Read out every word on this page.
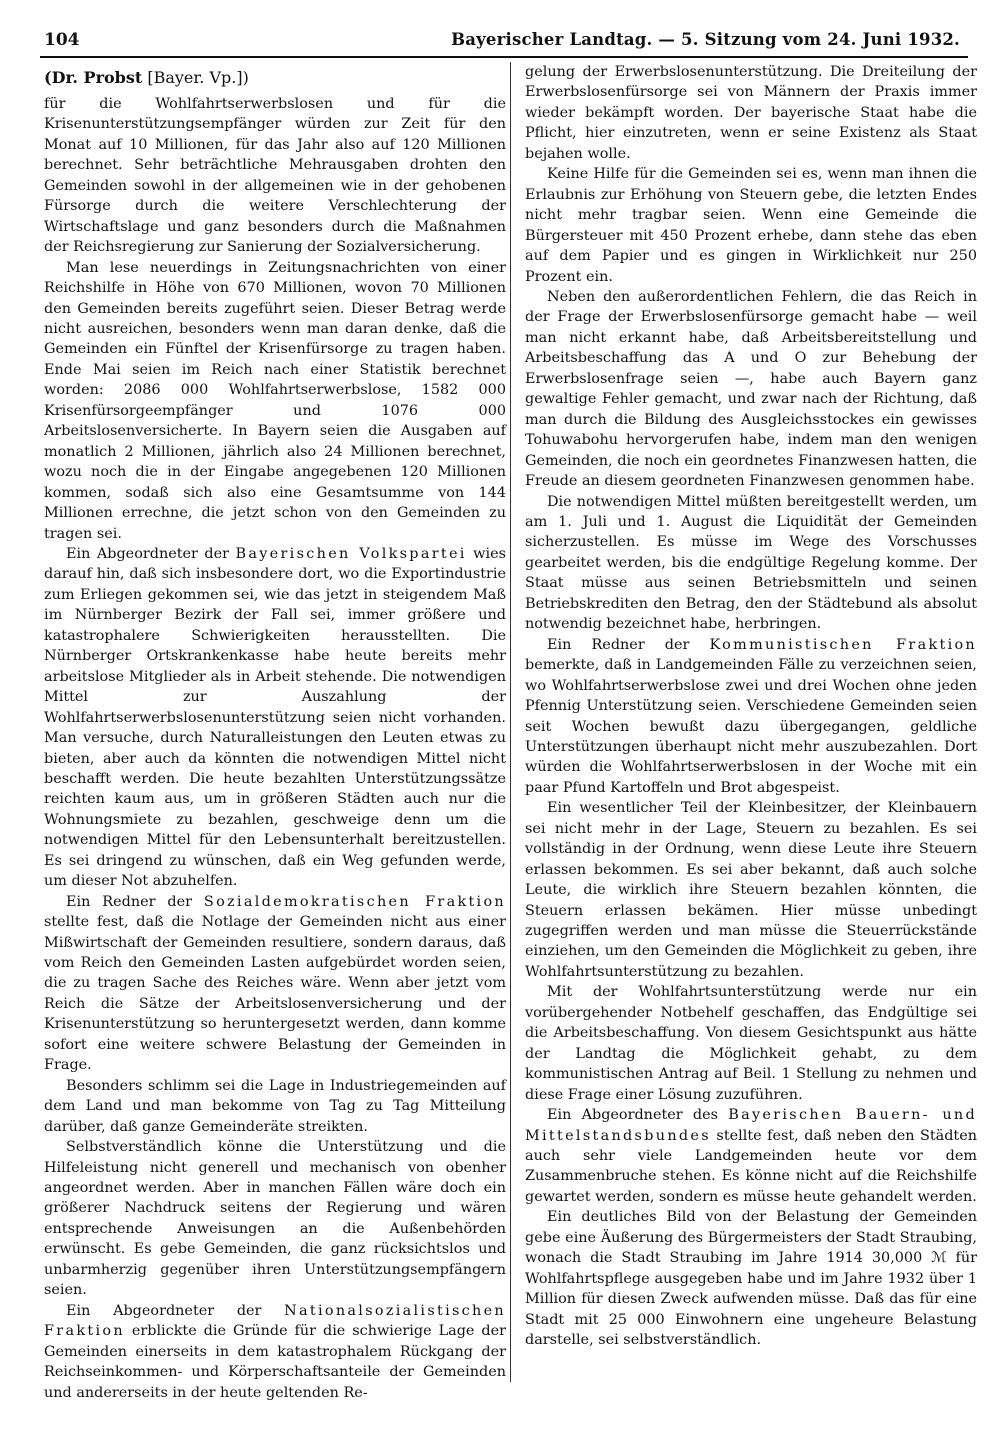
104	Bayerischer Landtag. — 5. Sitzung vom 24. Juni 1932.
(Dr. Probst [Bayer. Vp.])

für die Wohlfahrtserwerbslosen und für die Krisenunterstützungsempfänger würden zur Zeit für den Monat auf 10 Millionen, für das Jahr also auf 120 Millionen berechnet. Sehr beträchtliche Mehrausgaben drohten den Gemeinden sowohl in der allgemeinen wie in der gehobenen Fürsorge durch die weitere Verschlechterung der Wirtschaftslage und ganz besonders durch die Maßnahmen der Reichsregierung zur Sanierung der Sozialversicherung.

Man lese neuerdings in Zeitungsnachrichten von einer Reichshilfe in Höhe von 670 Millionen, wovon 70 Millionen den Gemeinden bereits zugeführt seien. Dieser Betrag werde nicht ausreichen, besonders wenn man daran denke, daß die Gemeinden ein Fünftel der Krisenfürsorge zu tragen haben. Ende Mai seien im Reich nach einer Statistik berechnet worden: 2086 000 Wohlfahrtserwerbslose, 1582 000 Krisenfürsorgeempfänger und 1076 000 Arbeitslosenversicherte. In Bayern seien die Ausgaben auf monatlich 2 Millionen, jährlich also 24 Millionen berechnet, wozu noch die in der Eingabe angegebenen 120 Millionen kommen, sodaß sich also eine Gesamtsumme von 144 Millionen errechne, die jetzt schon von den Gemeinden zu tragen sei.

Ein Abgeordneter der Bayerischen Volkspartei wies darauf hin, daß sich insbesondere dort, wo die Exportindustrie zum Erliegen gekommen sei, wie das jetzt in steigendem Maß im Nürnberger Bezirk der Fall sei, immer größere und katastrophalere Schwierigkeiten herausstellten. Die Nürnberger Ortskrankenkasse habe heute bereits mehr arbeitslose Mitglieder als in Arbeit stehende. Die notwendigen Mittel zur Auszahlung der Wohlfahrtserwerbslosenunterstützung seien nicht vorhanden. Man versuche, durch Naturalleistungen den Leuten etwas zu bieten, aber auch da könnten die notwendigen Mittel nicht beschafft werden. Die heute bezahlten Unterstützungssätze reichten kaum aus, um in größeren Städten auch nur die Wohnungsmiete zu bezahlen, geschweige denn um die notwendigen Mittel für den Lebensunterhalt bereitzustellen. Es sei dringend zu wünschen, daß ein Weg gefunden werde, um dieser Not abzuhelfen.

Ein Redner der Sozialdemokratischen Fraktion stellte fest, daß die Notlage der Gemeinden nicht aus einer Mißwirtschaft der Gemeinden resultiere, sondern daraus, daß vom Reich den Gemeinden Lasten aufgebürdet worden seien, die zu tragen Sache des Reiches wäre. Wenn aber jetzt vom Reich die Sätze der Arbeitslosenversicherung und der Krisenunterstützung so heruntergesetzt werden, dann komme sofort eine weitere schwere Belastung der Gemeinden in Frage.

Besonders schlimm sei die Lage in Industriegemeinden auf dem Land und man bekomme von Tag zu Tag Mitteilung darüber, daß ganze Gemeinderäte streikten.

Selbstverständlich könne die Unterstützung und die Hilfeleistung nicht generell und mechanisch von obenher angeordnet werden. Aber in manchen Fällen wäre doch ein größerer Nachdruck seitens der Regierung und wären entsprechende Anweisungen an die Außenbehörden erwünscht. Es gebe Gemeinden, die ganz rücksichtslos und unbarmherzig gegenüber ihren Unterstützungsempfängern seien.

Ein Abgeordneter der Nationalsozialistischen Fraktion erblickte die Gründe für die schwierige Lage der Gemeinden einerseits in dem katastrophalem Rückgang der Reichseinkommen- und Körperschaftsanteile der Gemeinden und andererseits in der heute geltenden Re-

gelung der Erwerbslosenunterstützung. Die Dreiteilung der Erwerbslosenfürsorge sei von Männern der Praxis immer wieder bekämpft worden. Der bayerische Staat habe die Pflicht, hier einzutreten, wenn er seine Existenz als Staat bejahen wolle.

Keine Hilfe für die Gemeinden sei es, wenn man ihnen die Erlaubnis zur Erhöhung von Steuern gebe, die letzten Endes nicht mehr tragbar seien. Wenn eine Gemeinde die Bürgersteuer mit 450 Prozent erhebe, dann stehe das eben auf dem Papier und es gingen in Wirklichkeit nur 250 Prozent ein.

Neben den außerordentlichen Fehlern, die das Reich in der Frage der Erwerbslosenfürsorge gemacht habe — weil man nicht erkannt habe, daß Arbeitsbereitstellung und Arbeitsbeschaffung das A und O zur Behebung der Erwerbslosenfrage seien —, habe auch Bayern ganz gewaltige Fehler gemacht, und zwar nach der Richtung, daß man durch die Bildung des Ausgleichsstockes ein gewisses Tohuwabohu hervorgerufen habe, indem man den wenigen Gemeinden, die noch ein geordnetes Finanzwesen hatten, die Freude an diesem geordneten Finanzwesen genommen habe.

Die notwendigen Mittel müßten bereitgestellt werden, um am 1. Juli und 1. August die Liquidität der Gemeinden sicherzustellen. Es müsse im Wege des Vorschusses gearbeitet werden, bis die endgültige Regelung komme. Der Staat müsse aus seinen Betriebsmitteln und seinen Betriebskrediten den Betrag, den der Städtebund als absolut notwendig bezeichnet habe, herbringen.

Ein Redner der Kommunistischen Fraktion bemerkte, daß in Landgemeinden Fälle zu verzeichnen seien, wo Wohlfahrtserwerbslose zwei und drei Wochen ohne jeden Pfennig Unterstützung seien. Verschiedene Gemeinden seien seit Wochen bewußt dazu übergegangen, geldliche Unterstützungen überhaupt nicht mehr auszubezahlen. Dort würden die Wohlfahrtserwerbslosen in der Woche mit ein paar Pfund Kartoffeln und Brot abgespeist.

Ein wesentlicher Teil der Kleinbesitzer, der Kleinbauern sei nicht mehr in der Lage, Steuern zu bezahlen. Es sei vollständig in der Ordnung, wenn diese Leute ihre Steuern erlassen bekommen. Es sei aber bekannt, daß auch solche Leute, die wirklich ihre Steuern bezahlen könnten, die Steuern erlassen bekämen. Hier müsse unbedingt zugegriffen werden und man müsse die Steuerrückstände einziehen, um den Gemeinden die Möglichkeit zu geben, ihre Wohlfahrtsunterstützung zu bezahlen.

Mit der Wohlfahrtsunterstützung werde nur ein vorübergehender Notbehelf geschaffen, das Endgültige sei die Arbeitsbeschaffung. Von diesem Gesichtspunkt aus hätte der Landtag die Möglichkeit gehabt, zu dem kommunistischen Antrag auf Beil. 1 Stellung zu nehmen und diese Frage einer Lösung zuzuführen.

Ein Abgeordneter des Bayerischen Bauern- und Mittelstandsbundes stellte fest, daß neben den Städten auch sehr viele Landgemeinden heute vor dem Zusammenbruche stehen. Es könne nicht auf die Reichshilfe gewartet werden, sondern es müsse heute gehandelt werden.

Ein deutliches Bild von der Belastung der Gemeinden gebe eine Äußerung des Bürgermeisters der Stadt Straubing, wonach die Stadt Straubing im Jahre 1914 30,000 ℳ für Wohlfahrtspflege ausgegeben habe und im Jahre 1932 über 1 Million für diesen Zweck aufwenden müsse. Daß das für eine Stadt mit 25 000 Einwohnern eine ungeheure Belastung darstelle, sei selbstverständlich.
